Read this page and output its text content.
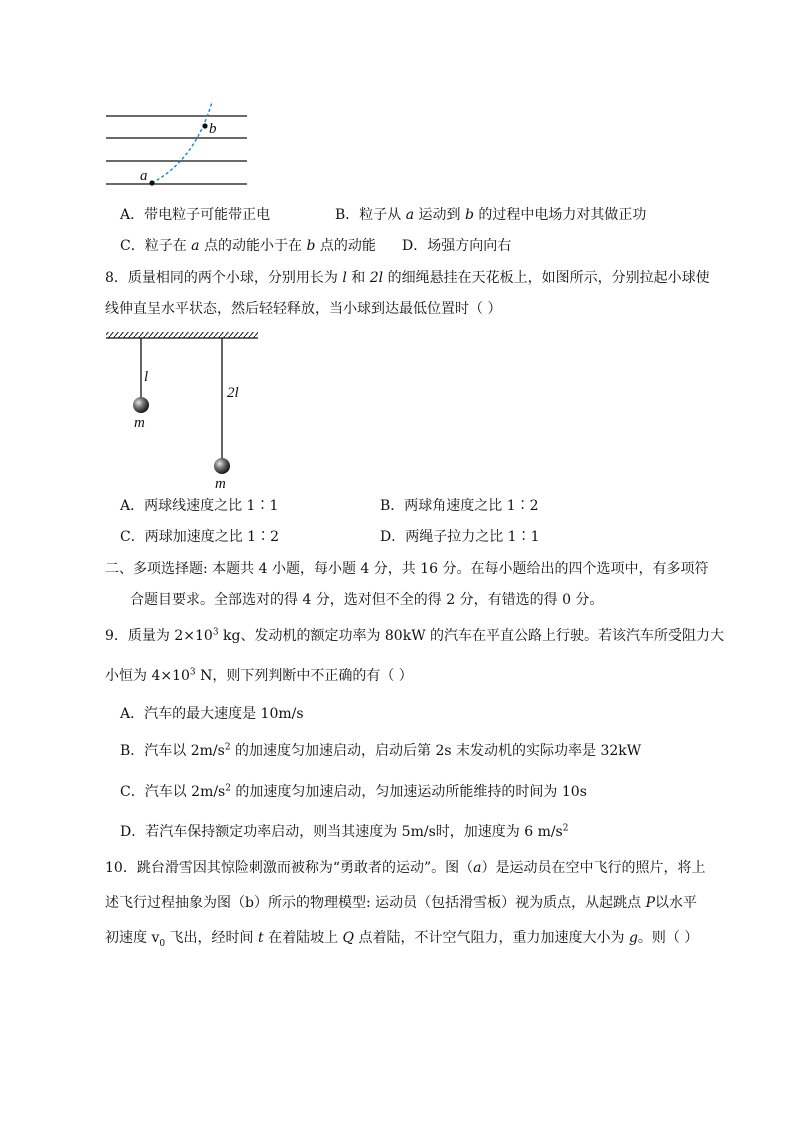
a
b
A．带电粒子可能带正电	B．粒子从 a 运动到 b 的过程中电场力对其做正功
C．粒子在 a 点的动能小于在 b 点的动能 D．场强方向向右
8．质量相同的两个小球，分别用长为 l 和 2l 的细绳悬挂在天花板上，如图所示，分别拉起小球使
线伸直呈水平状态，然后轻轻释放，当小球到达最低位置时（ ）
l
2l
m
m
A．两球线速度之比 1∶1	B．两球角速度之比 1∶2
C．两球加速度之比 1∶2	D．两绳子拉力之比 1∶1
二、多项选择题: 本题共 4 小题，每小题 4 分，共 16 分。在每小题给出的四个选项中，有多项符
合题目要求。全部选对的得 4 分，选对但不全的得 2 分，有错选的得 0 分。
9．质量为 $2\times 10^3$ kg、发动机的额定功率为 80kW 的汽车在平直公路上行驶。若该汽车所受阻力大
小恒为 $4\times 10^3$ N，则下列判断中不正确的有（ ）
A．汽车的最大速度是 10m/s
B．汽车以 $2m/s^2$ 的加速度匀加速启动，启动后第 2s 末发动机的实际功率是 32kW
C．汽车以 $2m/s^2$ 的加速度匀加速启动，匀加速运动所能维持的时间为 10s
D．若汽车保持额定功率启动，则当其速度为 5m/s时，加速度为 6 $m/s^2$
10．跳台滑雪因其惊险刺激而被称为“勇敢者的运动”。图（a）是运动员在空中飞行的照片，将上
述飞行过程抽象为图（b）所示的物理模型: 运动员（包括滑雪板）视为质点，从起跳点 P以水平
初速度 $v_0$ 飞出，经时间 t 在着陆坡上 Q 点着陆，不计空气阻力，重力加速度大小为 g。则（ ）
